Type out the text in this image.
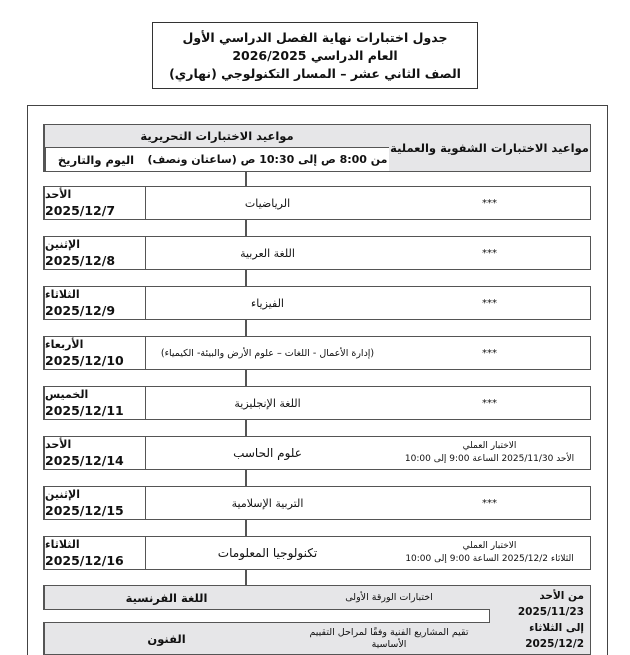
جدول اختبارات نهاية الفصل الدراسي الأول
العام الدراسي 2026/2025
الصف الثاني عشر – المسار التكنولوجي (نهاري)
مواعيد الاختبارات التحريرية
اليوم والتاريخ	من 8:00 ص إلى 10:30 ص (ساعتان ونصف)
مواعيد الاختبارات الشفوية والعملية
الأحد
2025/12/7	الرياضيات	***
الإثنين
2025/12/8	اللغة العربية	***
الثلاثاء
2025/12/9	الفيزياء	***
الأربعاء
2025/12/10	(إدارة الأعمال - اللغات – علوم الأرض والبيئة- الكيمياء)	***
الخميس
2025/12/11	اللغة الإنجليزية	***
الأحد
2025/12/14	علوم الحاسب	الاختبار العملي
الأحد 2025/11/30 الساعة 9:00 إلى 10:00
الإثنين
2025/12/15	التربية الإسلامية	***
الثلاثاء
2025/12/16	تكنولوجيا المعلومات	الاختبار العملي
الثلاثاء 2025/12/2 الساعة 9:00 إلى 10:00
من الأحد 2025/11/23
إلى الثلاثاء 2025/12/2
اللغة الفرنسية	اختبارات الورقة الأولى
الفنون	تقيم المشاريع الفنية وفقًا لمراحل التقييم الأساسية
